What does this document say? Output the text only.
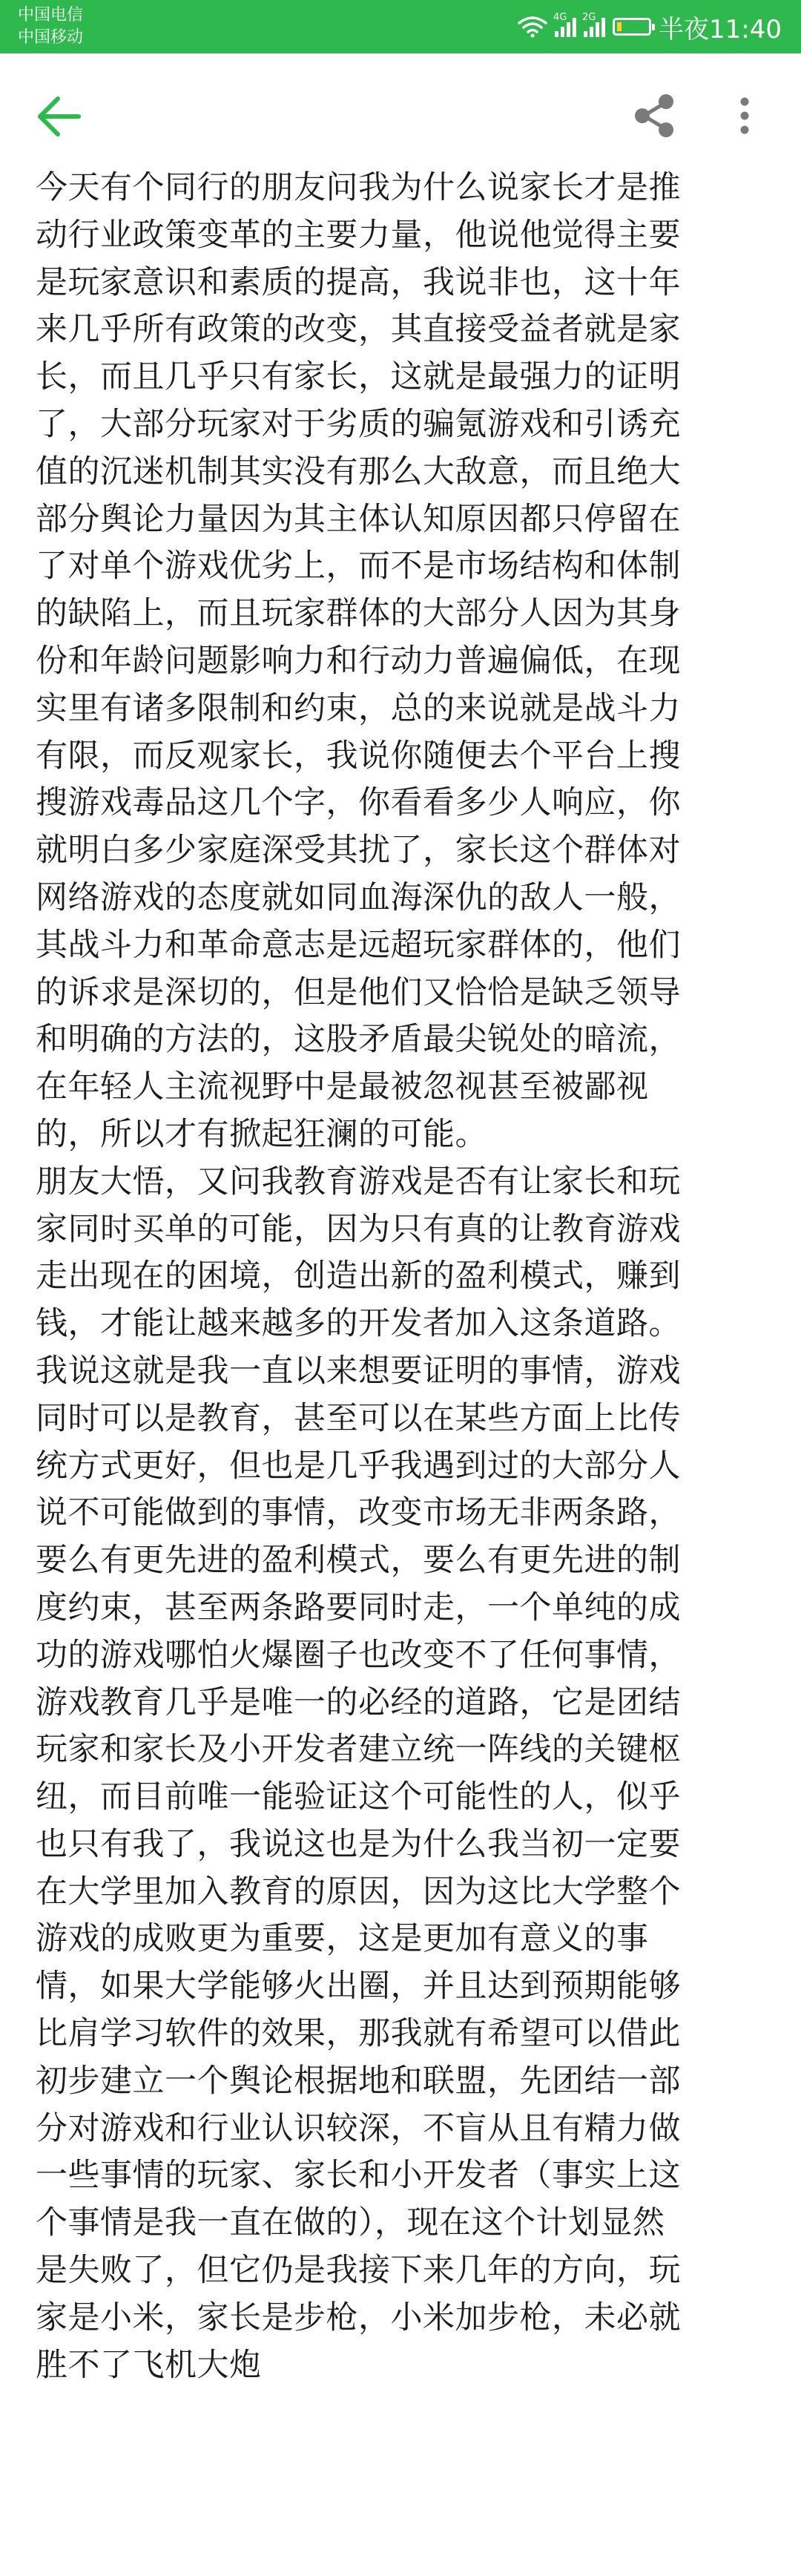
中国电信
中国移动
4G 2G 半夜11:40

今天有个同行的朋友问我为什么说家长才是推
动行业政策变革的主要力量，他说他觉得主要
是玩家意识和素质的提高，我说非也，这十年
来几乎所有政策的改变，其直接受益者就是家
长，而且几乎只有家长，这就是最强力的证明
了，大部分玩家对于劣质的骗氪游戏和引诱充
值的沉迷机制其实没有那么大敌意，而且绝大
部分舆论力量因为其主体认知原因都只停留在
了对单个游戏优劣上，而不是市场结构和体制
的缺陷上，而且玩家群体的大部分人因为其身
份和年龄问题影响力和行动力普遍偏低，在现
实里有诸多限制和约束，总的来说就是战斗力
有限，而反观家长，我说你随便去个平台上搜
搜游戏毒品这几个字，你看看多少人响应，你
就明白多少家庭深受其扰了，家长这个群体对
网络游戏的态度就如同血海深仇的敌人一般，
其战斗力和革命意志是远超玩家群体的，他们
的诉求是深切的，但是他们又恰恰是缺乏领导
和明确的方法的，这股矛盾最尖锐处的暗流，
在年轻人主流视野中是最被忽视甚至被鄙视
的，所以才有掀起狂澜的可能。

朋友大悟，又问我教育游戏是否有让家长和玩
家同时买单的可能，因为只有真的让教育游戏
走出现在的困境，创造出新的盈利模式，赚到
钱，才能让越来越多的开发者加入这条道路。

我说这就是我一直以来想要证明的事情，游戏
同时可以是教育，甚至可以在某些方面上比传
统方式更好，但也是几乎我遇到过的大部分人
说不可能做到的事情，改变市场无非两条路，
要么有更先进的盈利模式，要么有更先进的制
度约束，甚至两条路要同时走，一个单纯的成
功的游戏哪怕火爆圈子也改变不了任何事情，
游戏教育几乎是唯一的必经的道路，它是团结
玩家和家长及小开发者建立统一阵线的关键枢
纽，而目前唯一能验证这个可能性的人，似乎
也只有我了，我说这也是为什么我当初一定要
在大学里加入教育的原因，因为这比大学整个
游戏的成败更为重要，这是更加有意义的事
情，如果大学能够火出圈，并且达到预期能够
比肩学习软件的效果，那我就有希望可以借此
初步建立一个舆论根据地和联盟，先团结一部
分对游戏和行业认识较深，不盲从且有精力做
一些事情的玩家、家长和小开发者（事实上这
个事情是我一直在做的），现在这个计划显然
是失败了，但它仍是我接下来几年的方向，玩
家是小米，家长是步枪，小米加步枪，未必就
胜不了飞机大炮
